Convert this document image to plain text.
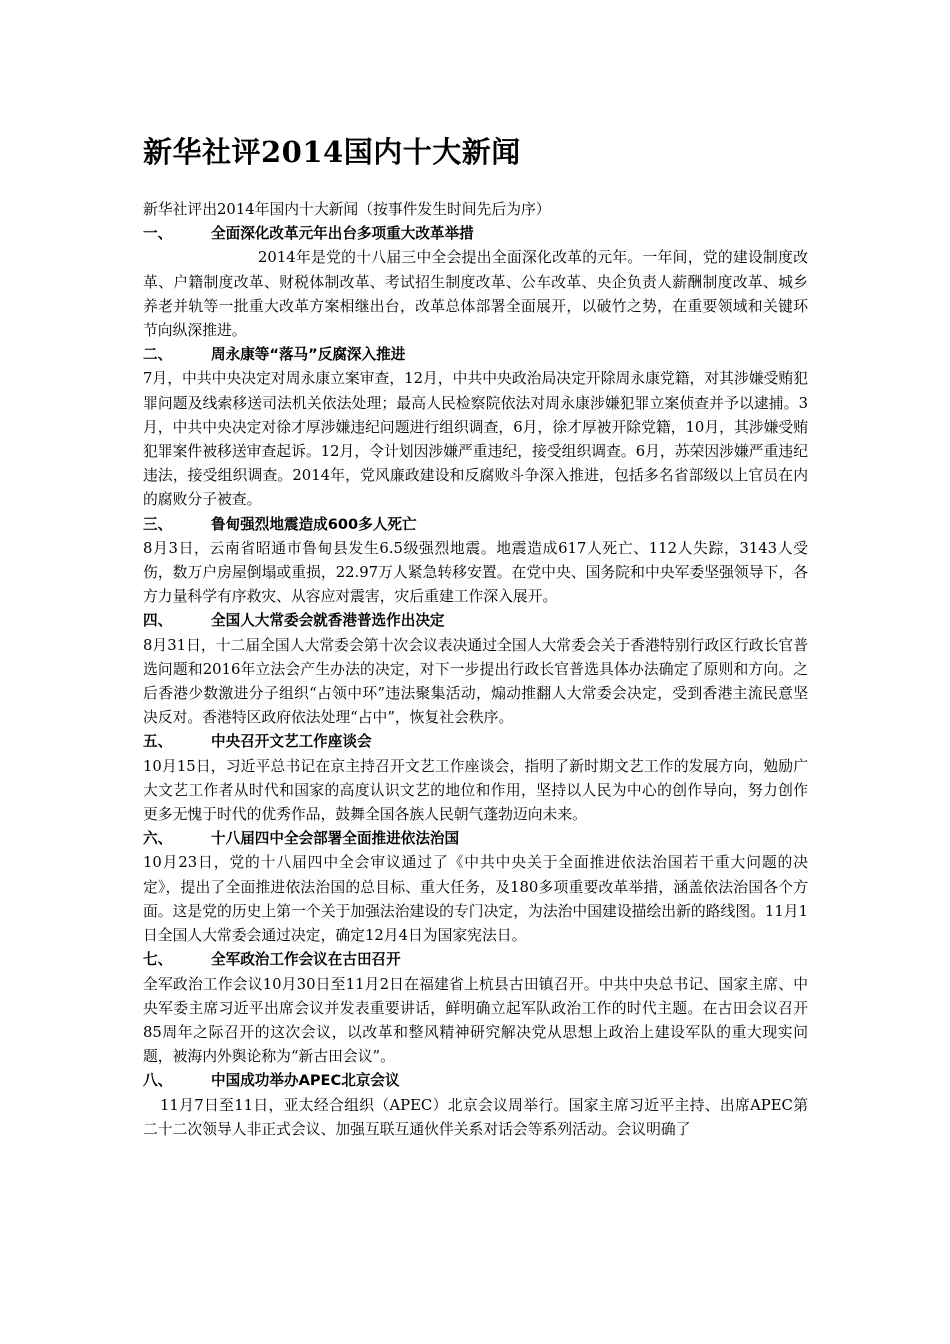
新华社评2014国内十大新闻

新华社评出2014年国内十大新闻（按事件发生时间先后为序）

一、	全面深化改革元年出台多项重大改革举措

2014年是党的十八届三中全会提出全面深化改革的元年。一年间，党的建设制度改革、户籍制度改革、财税体制改革、考试招生制度改革、公车改革、央企负责人薪酬制度改革、城乡养老并轨等一批重大改革方案相继出台，改革总体部署全面展开，以破竹之势，在重要领域和关键环节向纵深推进。

二、	周永康等“落马”反腐深入推进

7月，中共中央决定对周永康立案审查，12月，中共中央政治局决定开除周永康党籍，对其涉嫌受贿犯罪问题及线索移送司法机关依法处理；最高人民检察院依法对周永康涉嫌犯罪立案侦查并予以逮捕。3月，中共中央决定对徐才厚涉嫌违纪问题进行组织调查，6月，徐才厚被开除党籍，10月，其涉嫌受贿犯罪案件被移送审查起诉。12月，令计划因涉嫌严重违纪，接受组织调查。6月，苏荣因涉嫌严重违纪违法，接受组织调查。2014年，党风廉政建设和反腐败斗争深入推进，包括多名省部级以上官员在内的腐败分子被查。

三、	鲁甸强烈地震造成600多人死亡

8月3日，云南省昭通市鲁甸县发生6.5级强烈地震。地震造成617人死亡、112人失踪，3143人受伤，数万户房屋倒塌或重损，22.97万人紧急转移安置。在党中央、国务院和中央军委坚强领导下，各方力量科学有序救灾、从容应对震害，灾后重建工作深入展开。

四、	全国人大常委会就香港普选作出决定

8月31日，十二届全国人大常委会第十次会议表决通过全国人大常委会关于香港特别行政区行政长官普选问题和2016年立法会产生办法的决定，对下一步提出行政长官普选具体办法确定了原则和方向。之后香港少数激进分子组织“占领中环”违法聚集活动，煽动推翻人大常委会决定，受到香港主流民意坚决反对。香港特区政府依法处理“占中”，恢复社会秩序。

五、	中央召开文艺工作座谈会

10月15日，习近平总书记在京主持召开文艺工作座谈会，指明了新时期文艺工作的发展方向，勉励广大文艺工作者从时代和国家的高度认识文艺的地位和作用，坚持以人民为中心的创作导向，努力创作更多无愧于时代的优秀作品，鼓舞全国各族人民朝气蓬勃迈向未来。

六、	十八届四中全会部署全面推进依法治国

10月23日，党的十八届四中全会审议通过了《中共中央关于全面推进依法治国若干重大问题的决定》，提出了全面推进依法治国的总目标、重大任务，及180多项重要改革举措，涵盖依法治国各个方面。这是党的历史上第一个关于加强法治建设的专门决定，为法治中国建设描绘出新的路线图。11月1日全国人大常委会通过决定，确定12月4日为国家宪法日。

七、	全军政治工作会议在古田召开

全军政治工作会议10月30日至11月2日在福建省上杭县古田镇召开。中共中央总书记、国家主席、中央军委主席习近平出席会议并发表重要讲话，鲜明确立起军队政治工作的时代主题。在古田会议召开85周年之际召开的这次会议，以改革和整风精神研究解决党从思想上政治上建设军队的重大现实问题，被海内外舆论称为“新古田会议”。

八、	中国成功举办APEC北京会议

11月7日至11日，亚太经合组织（APEC）北京会议周举行。国家主席习近平主持、出席APEC第二十二次领导人非正式会议、加强互联互通伙伴关系对话会等系列活动。会议明确了
